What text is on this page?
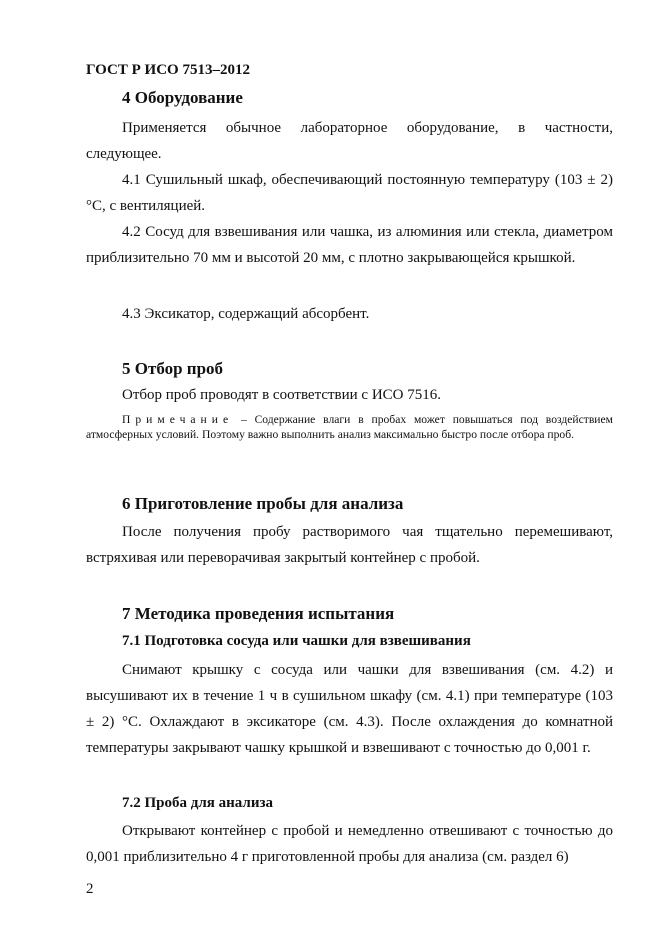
ГОСТ Р ИСО 7513–2012
4 Оборудование
Применяется обычное лабораторное оборудование, в частности, следующее.
4.1 Сушильный шкаф, обеспечивающий постоянную температуру (103 ± 2) °С, с вентиляцией.
4.2 Сосуд для взвешивания или чашка, из алюминия или стекла, диаметром приблизительно 70 мм и высотой 20 мм, с плотно закрывающейся крышкой.
4.3 Эксикатор, содержащий абсорбент.
5 Отбор проб
Отбор проб проводят в соответствии с ИСО 7516.
Примечание – Содержание влаги в пробах может повышаться под воздействием атмосферных условий. Поэтому важно выполнить анализ максимально быстро после отбора проб.
6 Приготовление пробы для анализа
После получения пробу растворимого чая тщательно перемешивают, встряхивая или переворачивая закрытый контейнер с пробой.
7 Методика проведения испытания
7.1 Подготовка сосуда или чашки для взвешивания
Снимают крышку с сосуда или чашки для взвешивания (см. 4.2) и высушивают их в течение 1 ч в сушильном шкафу (см. 4.1) при температуре (103 ± 2) °С. Охлаждают в эксикаторе (см. 4.3). После охлаждения до комнатной температуры закрывают чашку крышкой и взвешивают с точностью до 0,001 г.
7.2 Проба для анализа
Открывают контейнер с пробой и немедленно отвешивают с точностью до 0,001 приблизительно 4 г приготовленной пробы для анализа (см. раздел 6)
2
